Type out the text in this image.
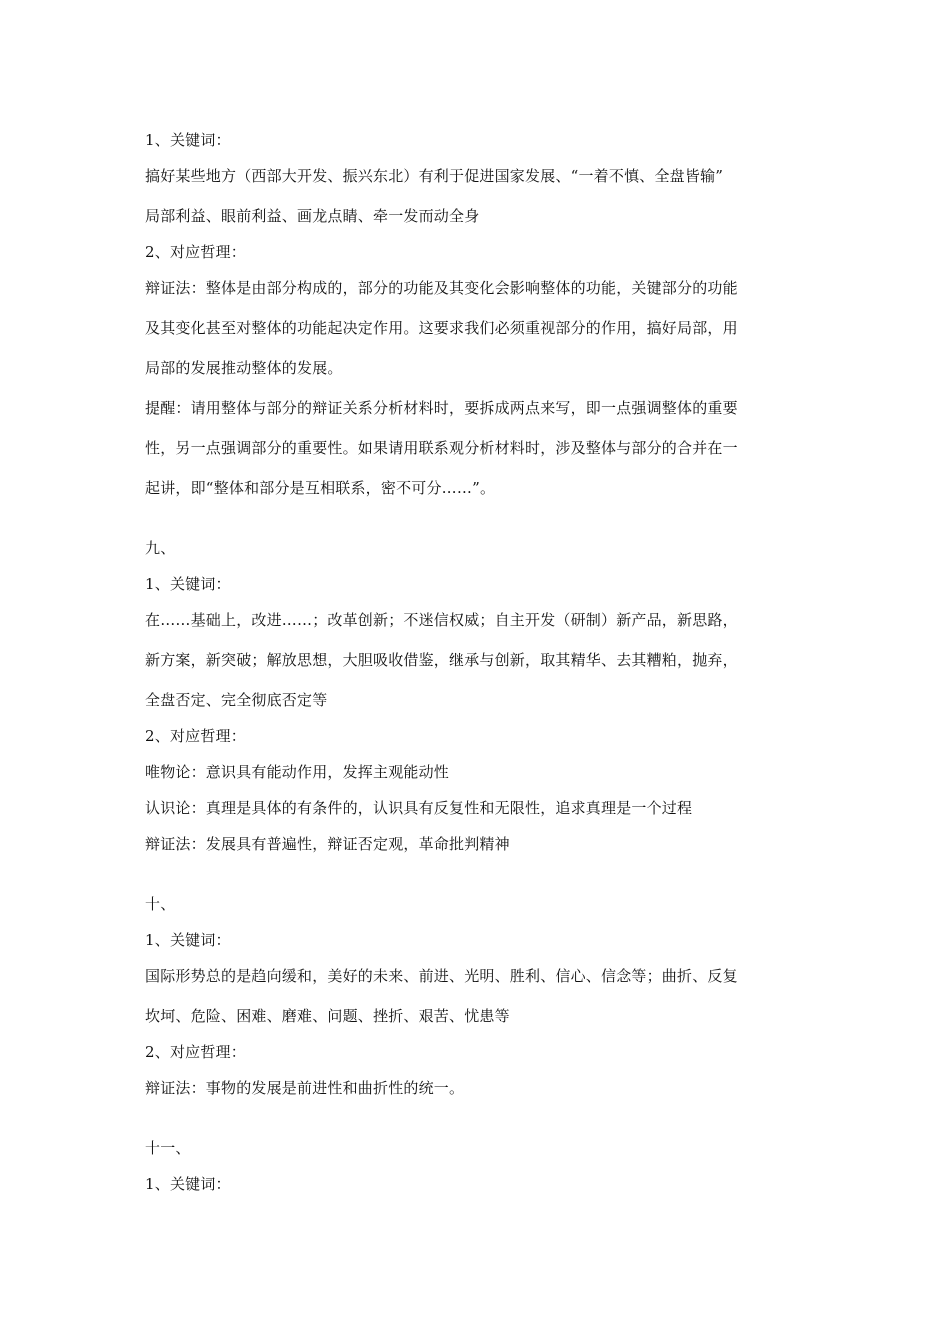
1、关键词：
搞好某些地方（西部大开发、振兴东北）有利于促进国家发展、“一着不慎、全盘皆输”
局部利益、眼前利益、画龙点睛、牵一发而动全身
2、对应哲理：
辩证法：整体是由部分构成的，部分的功能及其变化会影响整体的功能，关键部分的功能
及其变化甚至对整体的功能起决定作用。这要求我们必须重视部分的作用，搞好局部，用
局部的发展推动整体的发展。
提醒：请用整体与部分的辩证关系分析材料时，要拆成两点来写，即一点强调整体的重要
性，另一点强调部分的重要性。如果请用联系观分析材料时，涉及整体与部分的合并在一
起讲，即“整体和部分是互相联系，密不可分……”。
九、
1、关键词：
在……基础上，改进……；改革创新；不迷信权威；自主开发（研制）新产品，新思路，
新方案，新突破；解放思想，大胆吸收借鉴，继承与创新，取其精华、去其糟粕，抛弃，
全盘否定、完全彻底否定等
2、对应哲理：
唯物论：意识具有能动作用，发挥主观能动性
认识论：真理是具体的有条件的，认识具有反复性和无限性，追求真理是一个过程
辩证法：发展具有普遍性，辩证否定观，革命批判精神
十、
1、关键词：
国际形势总的是趋向缓和，美好的未来、前进、光明、胜利、信心、信念等；曲折、反复
坎坷、危险、困难、磨难、问题、挫折、艰苦、忧患等
2、对应哲理：
辩证法：事物的发展是前进性和曲折性的统一。
十一、
1、关键词：
